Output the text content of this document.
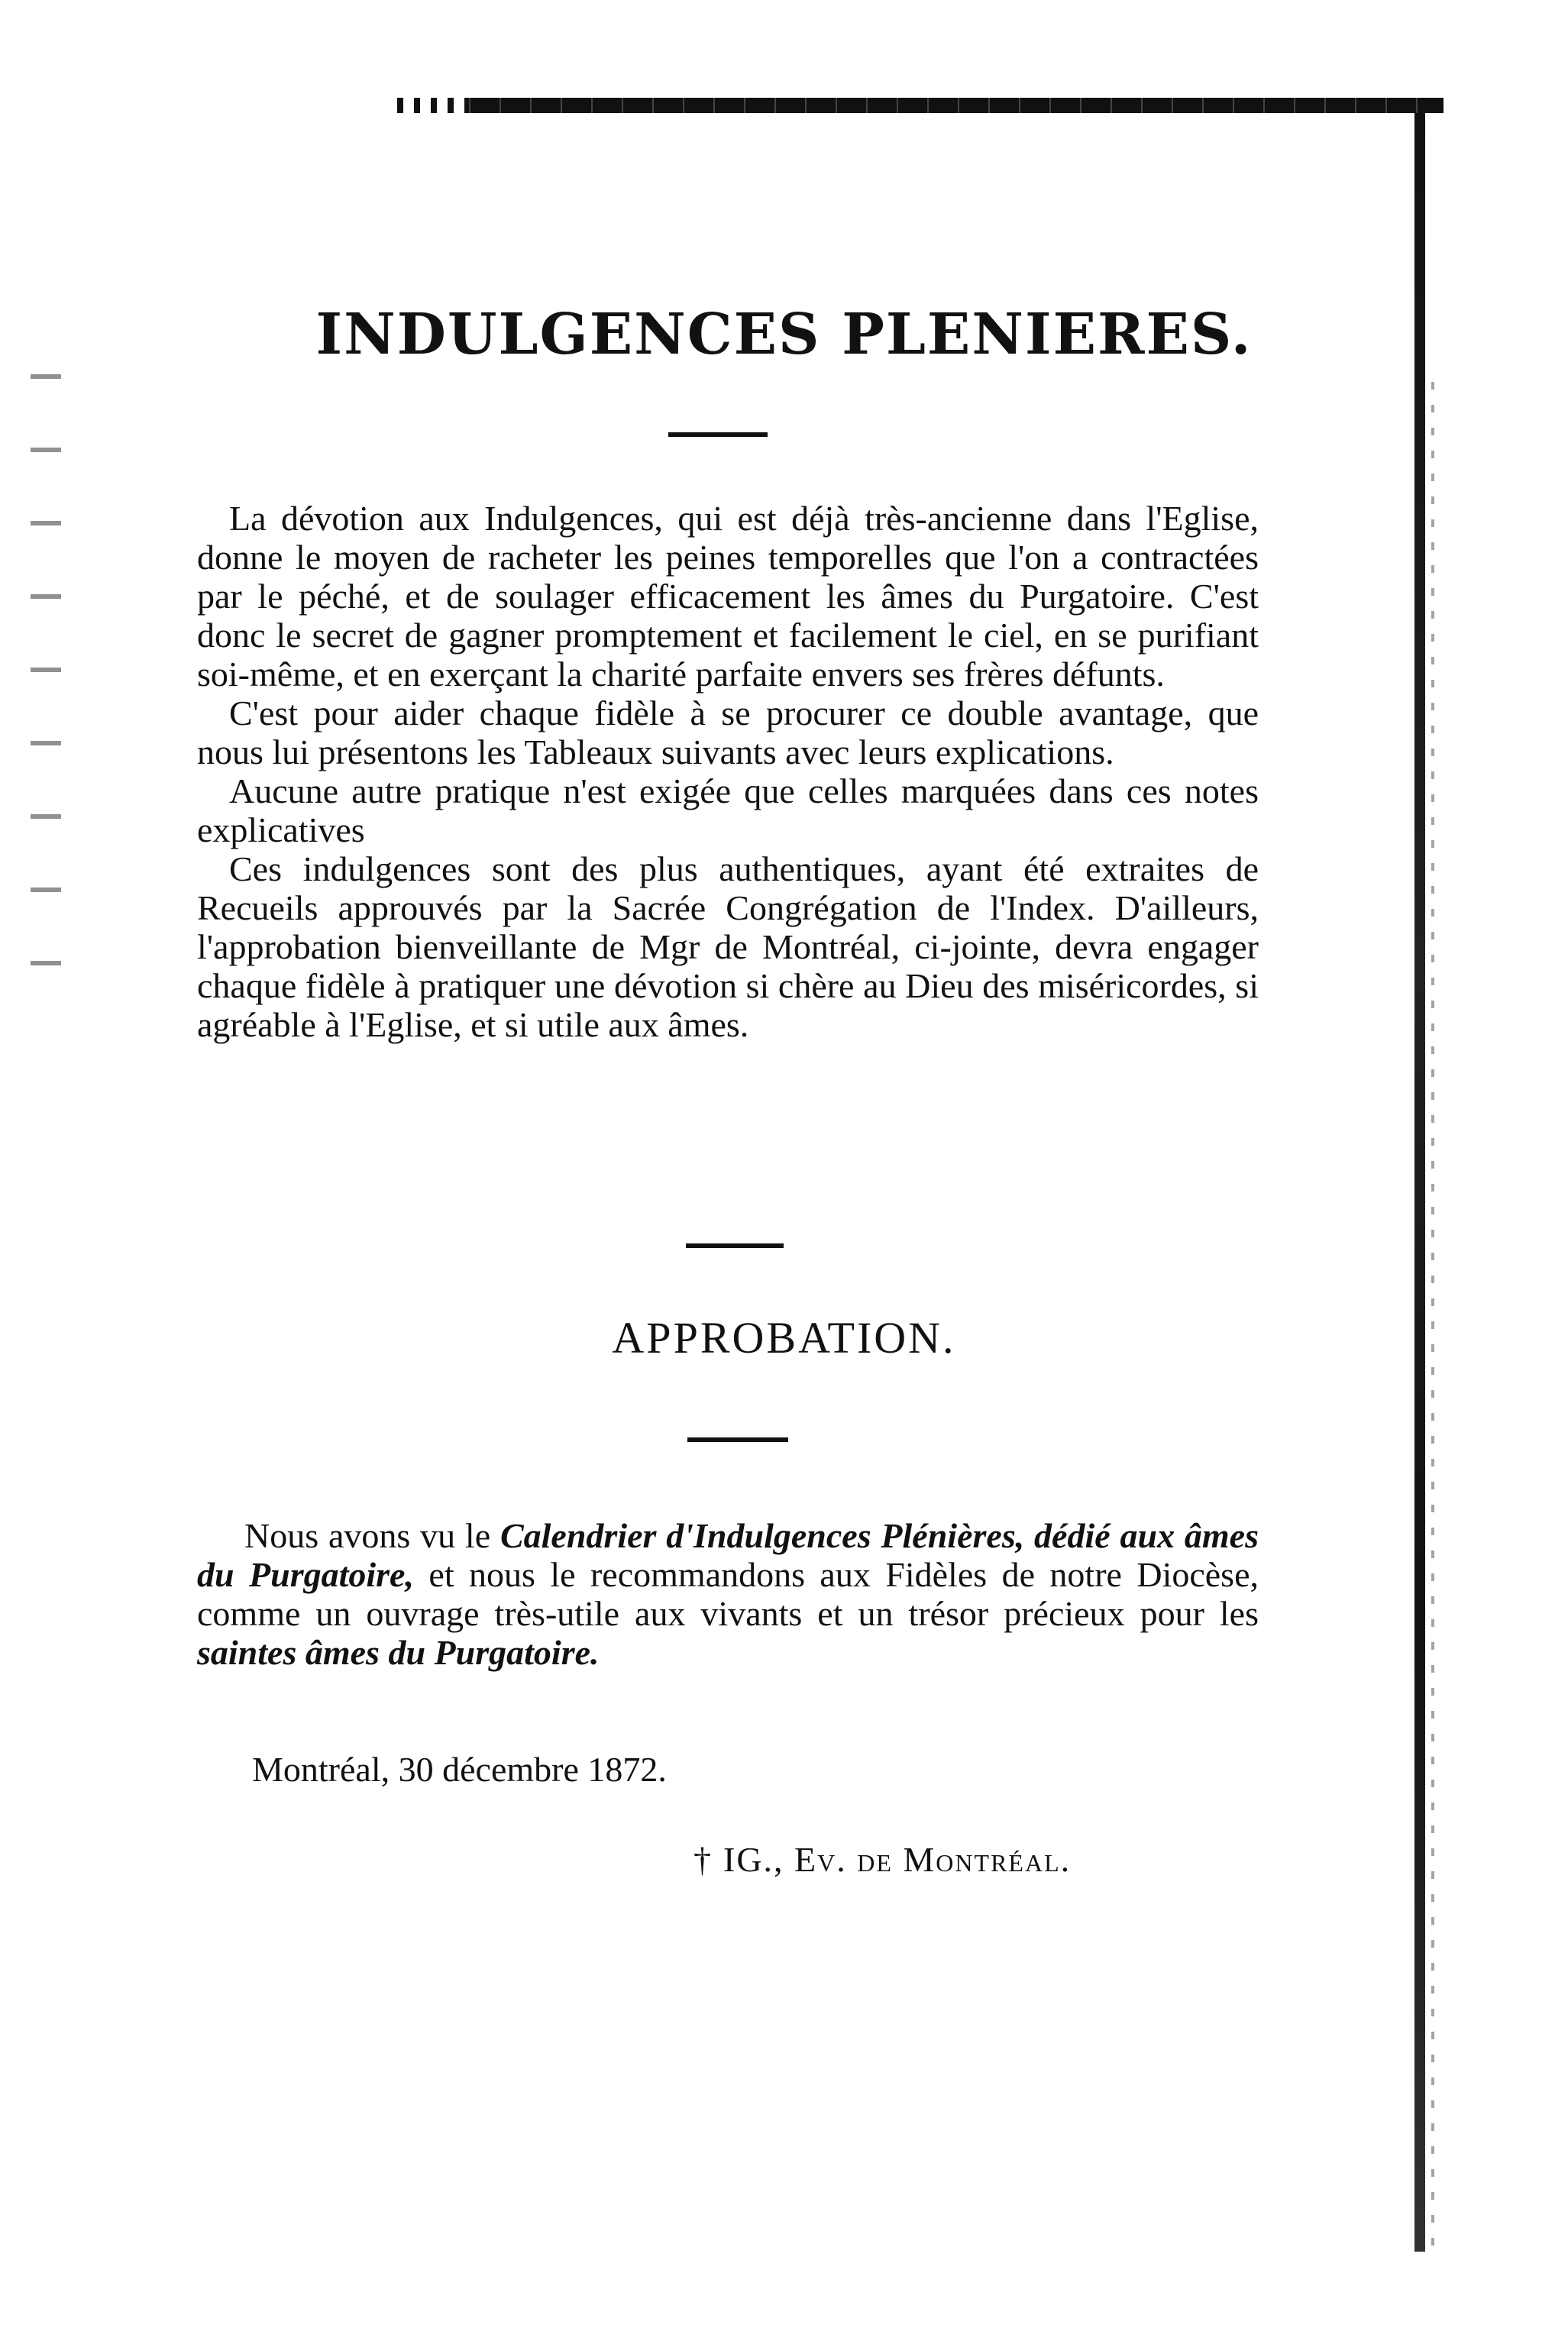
INDULGENCES PLENIERES.

La dévotion aux Indulgences, qui est déjà très-ancienne dans l'Eglise, donne le moyen de racheter les peines temporelles que l'on a contractées par le péché, et de soulager efficacement les âmes du Purgatoire. C'est donc le secret de gagner promptement et facilement le ciel, en se purifiant soi-même, et en exerçant la charité parfaite envers ses frères défunts.

C'est pour aider chaque fidèle à se procurer ce double avantage, que nous lui présentons les Tableaux suivants avec leurs explications.

Aucune autre pratique n'est exigée que celles marquées dans ces notes explicatives

Ces indulgences sont des plus authentiques, ayant été extraites de Recueils approuvés par la Sacrée Congrégation de l'Index. D'ailleurs, l'approbation bienveillante de Mgr de Montréal, ci-jointe, devra engager chaque fidèle à pratiquer une dévotion si chère au Dieu des miséricordes, si agréable à l'Eglise, et si utile aux âmes.

APPROBATION.

Nous avons vu le Calendrier d'Indulgences Plénières, dédié aux âmes du Purgatoire, et nous le recommandons aux Fidèles de notre Diocèse, comme un ouvrage très-utile aux vivants et un trésor précieux pour les saintes âmes du Purgatoire.

Montréal, 30 décembre 1872.

† IG., Ev. de Montréal.
